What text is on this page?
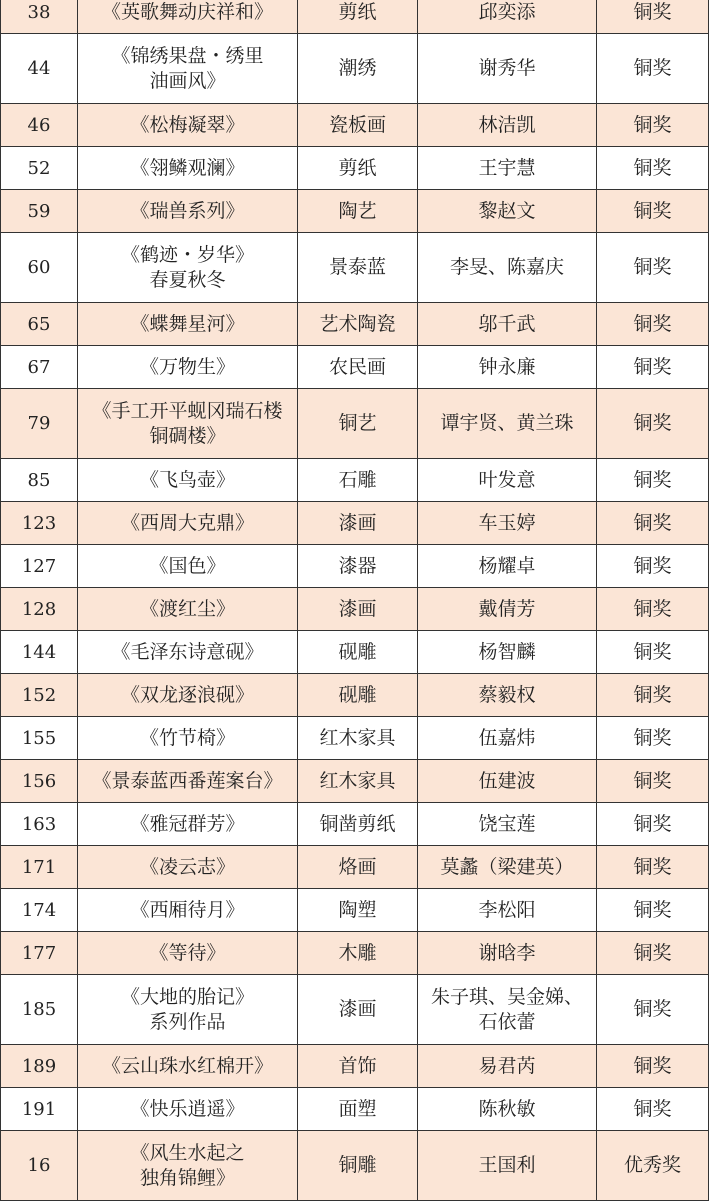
38	《英歌舞动庆祥和》	剪纸	邱奕添	铜奖
44	《锦绣果盘・绣里
油画风》	潮绣	谢秀华	铜奖
46	《松梅凝翠》	瓷板画	林洁凯	铜奖
52	《翎鳞观澜》	剪纸	王宇慧	铜奖
59	《瑞兽系列》	陶艺	黎赵文	铜奖
60	《鹤迹・岁华》
春夏秋冬	景泰蓝	李旻、陈嘉庆	铜奖
65	《蝶舞星河》	艺术陶瓷	邬千武	铜奖
67	《万物生》	农民画	钟永廉	铜奖
79	《手工开平蚬冈瑞石楼
铜碉楼》	铜艺	谭宇贤、黄兰珠	铜奖
85	《飞鸟壶》	石雕	叶发意	铜奖
123	《西周大克鼎》	漆画	车玉婷	铜奖
127	《国色》	漆器	杨耀卓	铜奖
128	《渡红尘》	漆画	戴倩芳	铜奖
144	《毛泽东诗意砚》	砚雕	杨智麟	铜奖
152	《双龙逐浪砚》	砚雕	蔡毅权	铜奖
155	《竹节椅》	红木家具	伍嘉炜	铜奖
156	《景泰蓝西番莲案台》	红木家具	伍建波	铜奖
163	《雅冠群芳》	铜凿剪纸	饶宝莲	铜奖
171	《凌云志》	烙画	莫蠡（梁建英）	铜奖
174	《西厢待月》	陶塑	李松阳	铜奖
177	《等待》	木雕	谢晗李	铜奖
185	《大地的胎记》
系列作品	漆画	朱子琪、吴金娣、
石依蕾	铜奖
189	《云山珠水红棉开》	首饰	易君芮	铜奖
191	《快乐逍遥》	面塑	陈秋敏	铜奖
16	《风生水起之
独角锦鲤》	铜雕	王国利	优秀奖
